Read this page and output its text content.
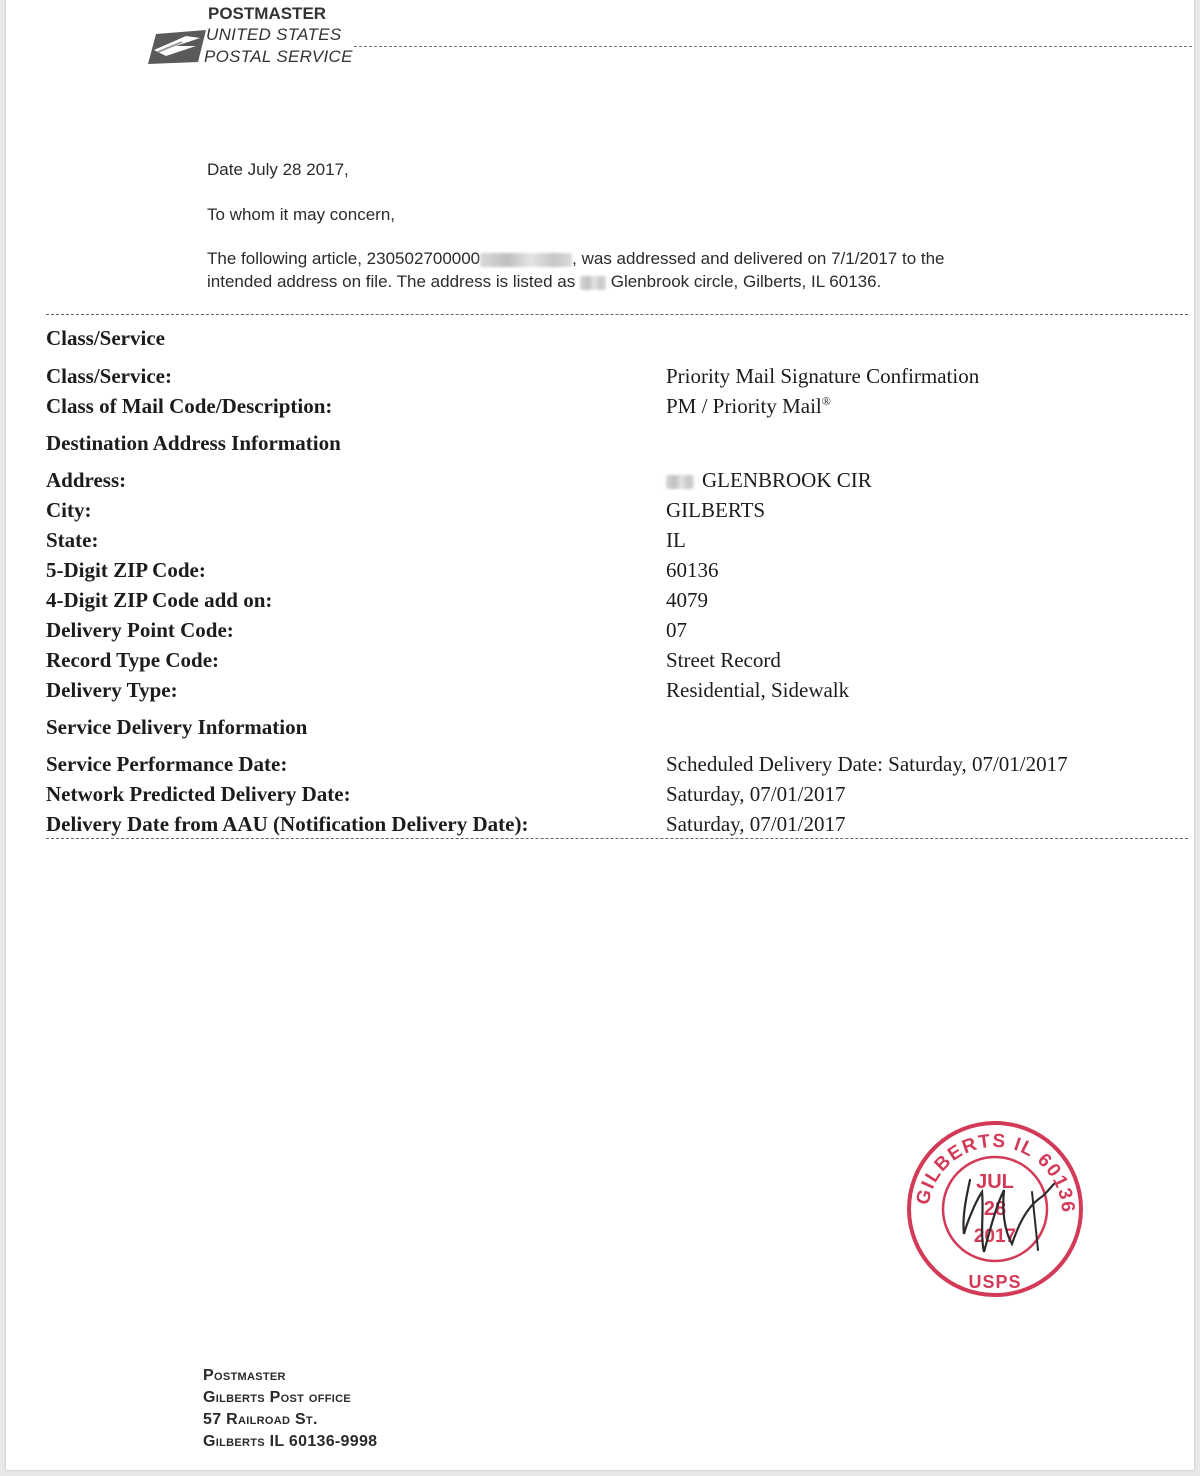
POSTMASTER
UNITED STATES
POSTAL SERVICE
Date July 28 2017,
To whom it may concern,
The following article, 230502700000	, was addressed and delivered on 7/1/2017 to the
intended address on file. The address is listed as Glenbrook circle, Gilberts, IL 60136.
Class/Service
Class/Service:	Priority Mail Signature Confirmation
Class of Mail Code/Description:	PM / Priority Mail®
Destination Address Information
Address:	GLENBROOK CIR
City:	GILBERTS
State:	IL
5-Digit ZIP Code:	60136
4-Digit ZIP Code add on:	4079
Delivery Point Code:	07
Record Type Code:	Street Record
Delivery Type:	Residential, Sidewalk
Service Delivery Information
Service Performance Date:	Scheduled Delivery Date: Saturday, 07/01/2017
Network Predicted Delivery Date:	Saturday, 07/01/2017
Delivery Date from AAU (Notification Delivery Date):	Saturday, 07/01/2017
GILBERTS IL 60136
USPS
JUL
28
2017
Postmaster
Gilberts Post office
57 Railroad St.
Gilberts IL 60136-9998
